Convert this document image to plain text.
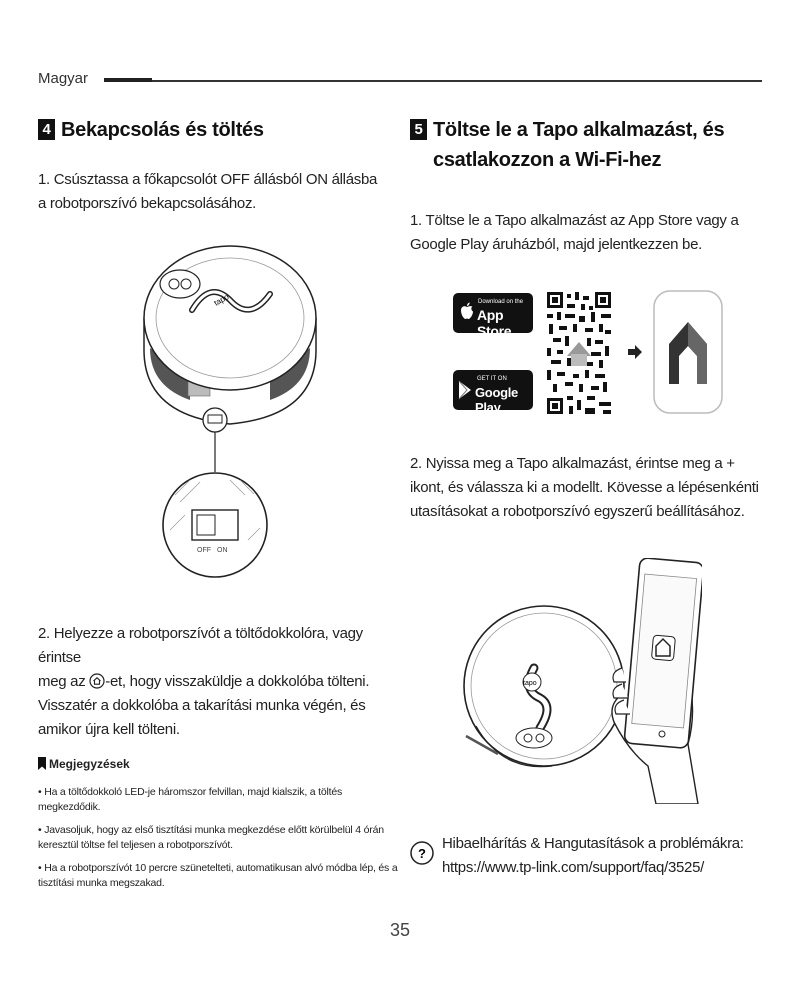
Magyar
4 Bekapcsolás és töltés
1. Csúsztassa a főkapcsolót OFF állásból ON állásba a robotporszívó bekapcsolásához.
tapo
OFF ON
2. Helyezze a robotporszívót a töltődokkolóra, vagy érintse
meg az -et, hogy visszaküldje a dokkolóba tölteni.
Visszatér a dokkolóba a takarítási munka végén, és amikor újra kell tölteni.
Megjegyzések
• Ha a töltődokkoló LED-je háromszor felvillan, majd kialszik, a töltés megkezdődik.
• Javasoljuk, hogy az első tisztítási munka megkezdése előtt körülbelül 4 órán keresztül töltse fel teljesen a robotporszívót.
• Ha a robotporszívót 10 percre szünetelteti, automatikusan alvó módba lép, és a tisztítási munka megszakad.
5 Töltse le a Tapo alkalmazást, és
csatlakozzon a Wi-Fi-hez
1. Töltse le a Tapo alkalmazást az App Store vagy a Google Play áruházból, majd jelentkezzen be.
Download on the
App Store
GET IT ON
Google Play
2. Nyissa meg a Tapo alkalmazást, érintse meg a + ikont, és válassza ki a modellt. Kövesse a lépésenkénti utasításokat a robotporszívó egyszerű beállításához.
tapo
?
Hibaelhárítás & Hangutasítások a problémákra:
https://www.tp-link.com/support/faq/3525/
35
